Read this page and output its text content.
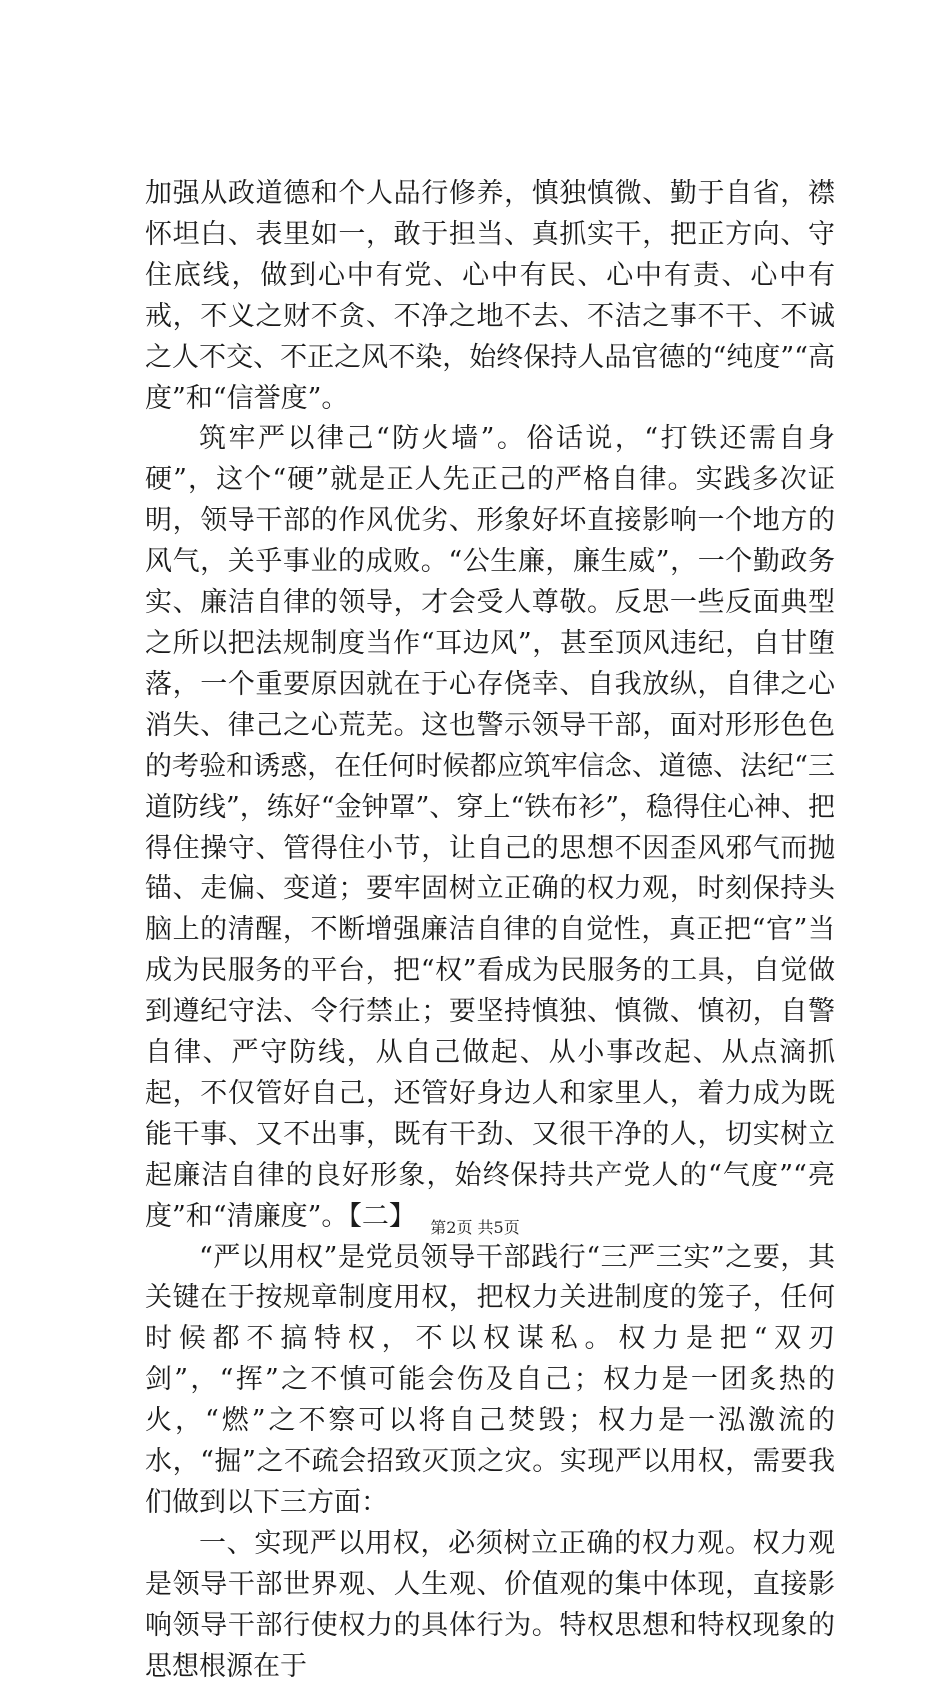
加强从政道德和个人品行修养，慎独慎微、勤于自省，襟怀坦白、表里如一，敢于担当、真抓实干，把正方向、守住底线，做到心中有党、心中有民、心中有责、心中有戒，不义之财不贪、不净之地不去、不洁之事不干、不诚之人不交、不正之风不染，始终保持人品官德的“纯度”“高度”和“信誉度”。

筑牢严以律己“防火墙”。俗话说，“打铁还需自身硬”，这个“硬”就是正人先正己的严格自律。实践多次证明，领导干部的作风优劣、形象好坏直接影响一个地方的风气，关乎事业的成败。“公生廉，廉生威”，一个勤政务实、廉洁自律的领导，才会受人尊敬。反思一些反面典型之所以把法规制度当作“耳边风”，甚至顶风违纪，自甘堕落，一个重要原因就在于心存侥幸、自我放纵，自律之心消失、律己之心荒芜。这也警示领导干部，面对形形色色的考验和诱惑，在任何时候都应筑牢信念、道德、法纪“三道防线”，练好“金钟罩”、穿上“铁布衫”，稳得住心神、把得住操守、管得住小节，让自己的思想不因歪风邪气而抛锚、走偏、变道；要牢固树立正确的权力观，时刻保持头脑上的清醒，不断增强廉洁自律的自觉性，真正把“官”当成为民服务的平台，把“权”看成为民服务的工具，自觉做到遵纪守法、令行禁止；要坚持慎独、慎微、慎初，自警自律、严守防线，从自己做起、从小事改起、从点滴抓起，不仅管好自己，还管好身边人和家里人，着力成为既能干事、又不出事，既有干劲、又很干净的人，切实树立起廉洁自律的良好形象，始终保持共产党人的“气度”“亮度”和“清廉度”。【二】

“严以用权”是党员领导干部践行“三严三实”之要，其关键在于按规章制度用权，把权力关进制度的笼子，任何时候都不搞特权，不以权谋私。权力是把“双刃剑”，“挥”之不慎可能会伤及自己；权力是一团炙热的火，“燃”之不察可以将自己焚毁；权力是一泓激流的水，“掘”之不疏会招致灭顶之灾。实现严以用权，需要我们做到以下三方面：

一、实现严以用权，必须树立正确的权力观。权力观是领导干部世界观、人生观、价值观的集中体现，直接影响领导干部行使权力的具体行为。特权思想和特权现象的思想根源在于

第2页 共5页
